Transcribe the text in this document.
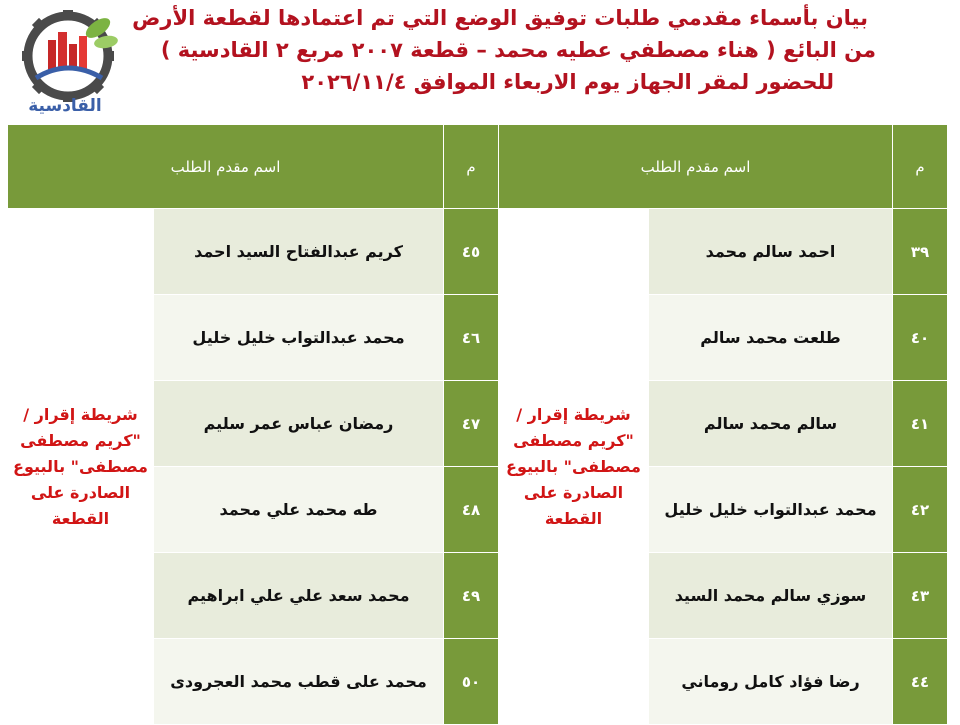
القادسية
بيان بأسماء مقدمي طلبات توفيق الوضع التي تم اعتمادها لقطعة الأرض
من البائع ( هناء مصطفي عطيه محمد – قطعة ٢٠٠٧ مربع ٢ القادسية )
للحضور لمقر الجهاز يوم الاربعاء الموافق ٢٠٢٦/١١/٤
م	اسم مقدم الطلب		م	اسم مقدم الطلب	
٣٩	احمد سالم محمد	شريطة إقرار / "كريم مصطفى مصطفى" بالبيوع الصادرة على القطعة	٤٥	كريم عبدالفتاح السيد احمد	شريطة إقرار / "كريم مصطفى مصطفى" بالبيوع الصادرة على القطعة
٤٠	طلعت محمد سالم		٤٦	محمد عبدالتواب خليل خليل	
٤١	سالم محمد سالم		٤٧	رمضان عباس عمر سليم	
٤٢	محمد عبدالتواب خليل خليل		٤٨	طه محمد علي محمد	
٤٣	سوزي سالم محمد السيد		٤٩	محمد سعد علي علي ابراهيم	
٤٤	رضا فؤاد كامل روماني		٥٠	محمد على قطب محمد العجرودى	
